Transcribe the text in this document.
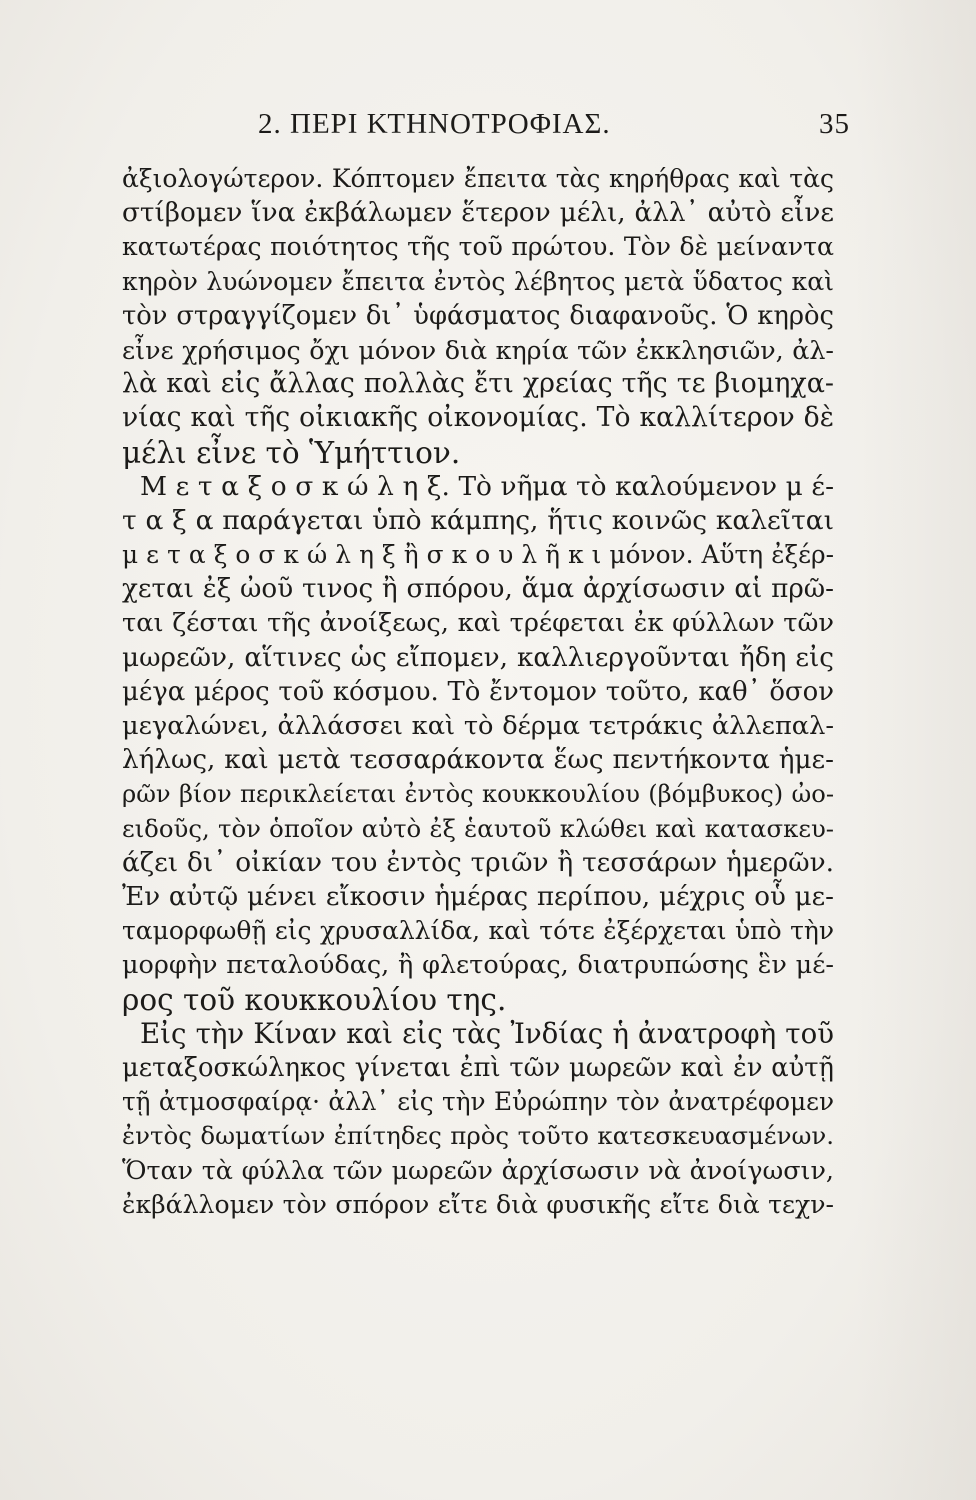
2. ΠΕΡΙ ΚΤΗΝΟΤΡΟΦΙΑΣ.	35
ἀξιολογώτερον. Κόπτομεν ἔπειτα τὰς κηρήθρας καὶ τὰς
στίβομεν ἵνα ἐκβάλωμεν ἕτερον μέλι, ἀλλ᾽ αὐτὸ εἶνε
κατωτέρας ποιότητος τῆς τοῦ πρώτου. Τὸν δὲ μείναντα
κηρὸν λυώνομεν ἔπειτα ἐντὸς λέβητος μετὰ ὕδατος καὶ
τὸν στραγγίζομεν δι᾽ ὑφάσματος διαφανοῦς. Ὁ κηρὸς
εἶνε χρήσιμος ὄχι μόνον διὰ κηρία τῶν ἐκκλησιῶν, ἀλ-
λὰ καὶ εἰς ἄλλας πολλὰς ἔτι χρείας τῆς τε βιομηχα-
νίας καὶ τῆς οἰκιακῆς οἰκονομίας. Τὸ καλλίτερον δὲ
μέλι εἶνε τὸ Ὑμήττιον.
Μ ε τ α ξ ο σ κ ώ λ η ξ. Τὸ νῆμα τὸ καλούμενον μ έ-
τ α ξ α παράγεται ὑπὸ κάμπης, ἥτις κοινῶς καλεῖται
μ ε τ α ξ ο σ κ ώ λ η ξ ἢ σ κ ο υ λ ῆ κ ι μόνον. Αὕτη ἐξέρ-
χεται ἐξ ὠοῦ τινος ἢ σπόρου, ἅμα ἀρχίσωσιν αἱ πρῶ-
ται ζέσται τῆς ἀνοίξεως, καὶ τρέφεται ἐκ φύλλων τῶν
μωρεῶν, αἵτινες ὡς εἴπομεν, καλλιεργοῦνται ἤδη εἰς
μέγα μέρος τοῦ κόσμου. Τὸ ἔντομον τοῦτο, καθ᾽ ὅσον
μεγαλώνει, ἀλλάσσει καὶ τὸ δέρμα τετράκις ἀλλεπαλ-
λήλως, καὶ μετὰ τεσσαράκοντα ἕως πεντήκοντα ἡμε-
ρῶν βίον περικλείεται ἐντὸς κουκκουλίου (βόμβυκος) ὠο-
ειδοῦς, τὸν ὁποῖον αὐτὸ ἐξ ἑαυτοῦ κλώθει καὶ κατασκευ-
άζει δι᾽ οἰκίαν του ἐντὸς τριῶν ἢ τεσσάρων ἡμερῶν.
Ἐν αὐτῷ μένει εἴκοσιν ἡμέρας περίπου, μέχρις οὗ με-
ταμορφωθῇ εἰς χρυσαλλίδα, καὶ τότε ἐξέρχεται ὑπὸ τὴν
μορφὴν πεταλούδας, ἢ φλετούρας, διατρυπώσης ἓν μέ-
ρος τοῦ κουκκουλίου της.
Εἰς τὴν Κίναν καὶ εἰς τὰς Ἰνδίας ἡ ἀνατροφὴ τοῦ
μεταξοσκώληκος γίνεται ἐπὶ τῶν μωρεῶν καὶ ἐν αὐτῇ
τῇ ἀτμοσφαίρᾳ· ἀλλ᾽ εἰς τὴν Εὐρώπην τὸν ἀνατρέφομεν
ἐντὸς δωματίων ἐπίτηδες πρὸς τοῦτο κατεσκευασμένων.
Ὅταν τὰ φύλλα τῶν μωρεῶν ἀρχίσωσιν νὰ ἀνοίγωσιν,
ἐκβάλλομεν τὸν σπόρον εἴτε διὰ φυσικῆς εἴτε διὰ τεχν-
